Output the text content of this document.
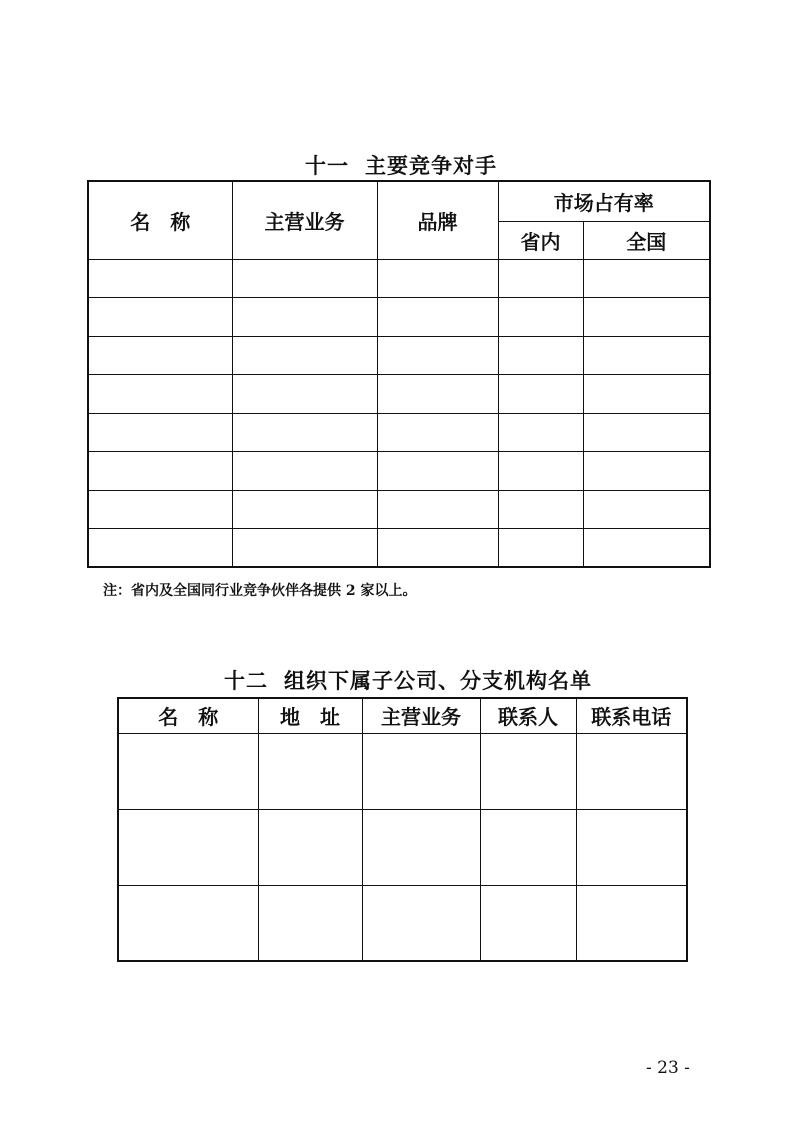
十一 主要竞争对手
名　称	主营业务	品牌	市场占有率	
			省内	全国

注：省内及全国同行业竞争伙伴各提供 2 家以上。
十二 组织下属子公司、分支机构名单
名　称	地　址	主营业务	联系人	联系电话

- 23 -
